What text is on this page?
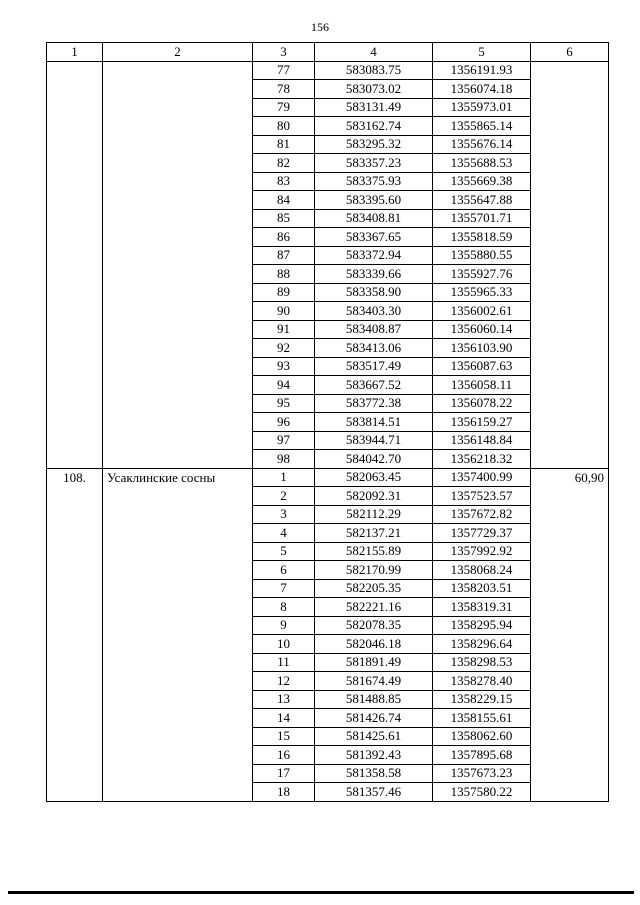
156
1	2	3	4	5	6
		77	583083.75	1356191.93	
		78	583073.02	1356074.18	
		79	583131.49	1355973.01	
		80	583162.74	1355865.14	
		81	583295.32	1355676.14	
		82	583357.23	1355688.53	
		83	583375.93	1355669.38	
		84	583395.60	1355647.88	
		85	583408.81	1355701.71	
		86	583367.65	1355818.59	
		87	583372.94	1355880.55	
		88	583339.66	1355927.76	
		89	583358.90	1355965.33	
		90	583403.30	1356002.61	
		91	583408.87	1356060.14	
		92	583413.06	1356103.90	
		93	583517.49	1356087.63	
		94	583667.52	1356058.11	
		95	583772.38	1356078.22	
		96	583814.51	1356159.27	
		97	583944.71	1356148.84	
		98	584042.70	1356218.32	
108.	Усаклинские сосны	1	582063.45	1357400.99	60,90
		2	582092.31	1357523.57	
		3	582112.29	1357672.82	
		4	582137.21	1357729.37	
		5	582155.89	1357992.92	
		6	582170.99	1358068.24	
		7	582205.35	1358203.51	
		8	582221.16	1358319.31	
		9	582078.35	1358295.94	
		10	582046.18	1358296.64	
		11	581891.49	1358298.53	
		12	581674.49	1358278.40	
		13	581488.85	1358229.15	
		14	581426.74	1358155.61	
		15	581425.61	1358062.60	
		16	581392.43	1357895.68	
		17	581358.58	1357673.23	
		18	581357.46	1357580.22	
